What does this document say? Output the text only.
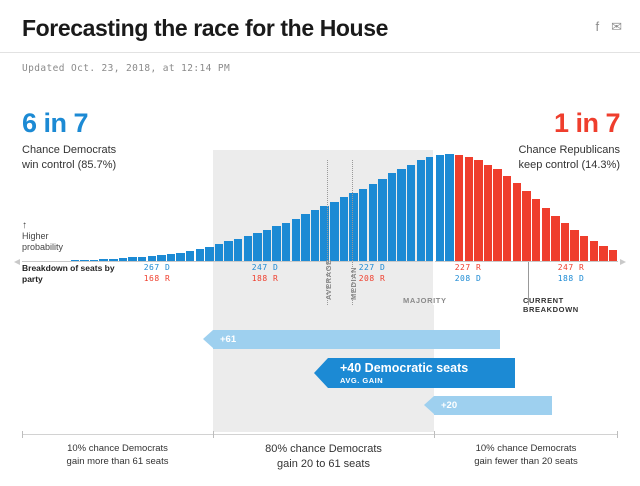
Forecasting the race for the House	f ✉
Updated Oct. 23, 2018, at 12:14 PM
6 in 7
Chance Democrats
win control (85.7%)
1 in 7
Chance Republicans
keep control (14.3%)
↑
Higher
probability
AVERAGE MEDIAN
MAJORITY	CURRENT
BREAKDOWN
Breakdown of seats by
party
267 D
168 R
247 D
188 R
227 D
208 R
227 R
208 D
247 R
188 D
+61
+40 Democratic seats
AVG. GAIN
+20
10% chance Democrats
gain more than 61 seats
80% chance Democrats
gain 20 to 61 seats
10% chance Democrats
gain fewer than 20 seats
